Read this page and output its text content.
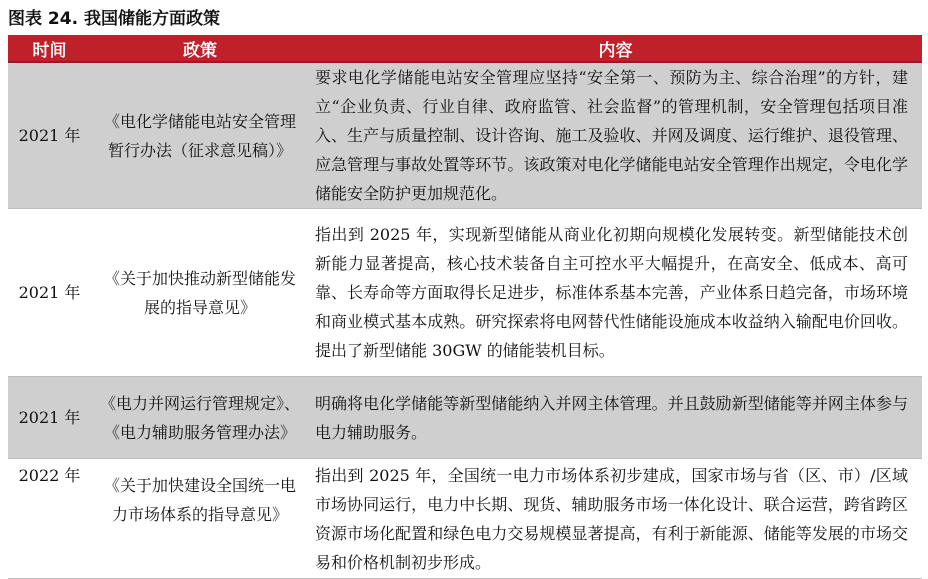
图表 24. 我国储能方面政策
时间	政策	内容
2021 年	《电化学储能电站安全管理暂行办法（征求意见稿）》	要求电化学储能电站安全管理应坚持“安全第一、预防为主、综合治理”的方针，建立“企业负责、行业自律、政府监管、社会监督”的管理机制，安全管理包括项目准入、生产与质量控制、设计咨询、施工及验收、并网及调度、运行维护、退役管理、应急管理与事故处置等环节。该政策对电化学储能电站安全管理作出规定，令电化学储能安全防护更加规范化。
2021 年	《关于加快推动新型储能发展的指导意见》	指出到 2025 年，实现新型储能从商业化初期向规模化发展转变。新型储能技术创新能力显著提高，核心技术装备自主可控水平大幅提升，在高安全、低成本、高可靠、长寿命等方面取得长足进步，标准体系基本完善，产业体系日趋完备，市场环境和商业模式基本成熟。研究探索将电网替代性储能设施成本收益纳入输配电价回收。提出了新型储能 30GW 的储能装机目标。
2021 年	《电力并网运行管理规定》、《电力辅助服务管理办法》	明确将电化学储能等新型储能纳入并网主体管理。并且鼓励新型储能等并网主体参与电力辅助服务。
2022 年	《关于加快建设全国统一电力市场体系的指导意见》	指出到 2025 年，全国统一电力市场体系初步建成，国家市场与省（区、市）/区域市场协同运行，电力中长期、现货、辅助服务市场一体化设计、联合运营，跨省跨区资源市场化配置和绿色电力交易规模显著提高，有利于新能源、储能等发展的市场交易和价格机制初步形成。
